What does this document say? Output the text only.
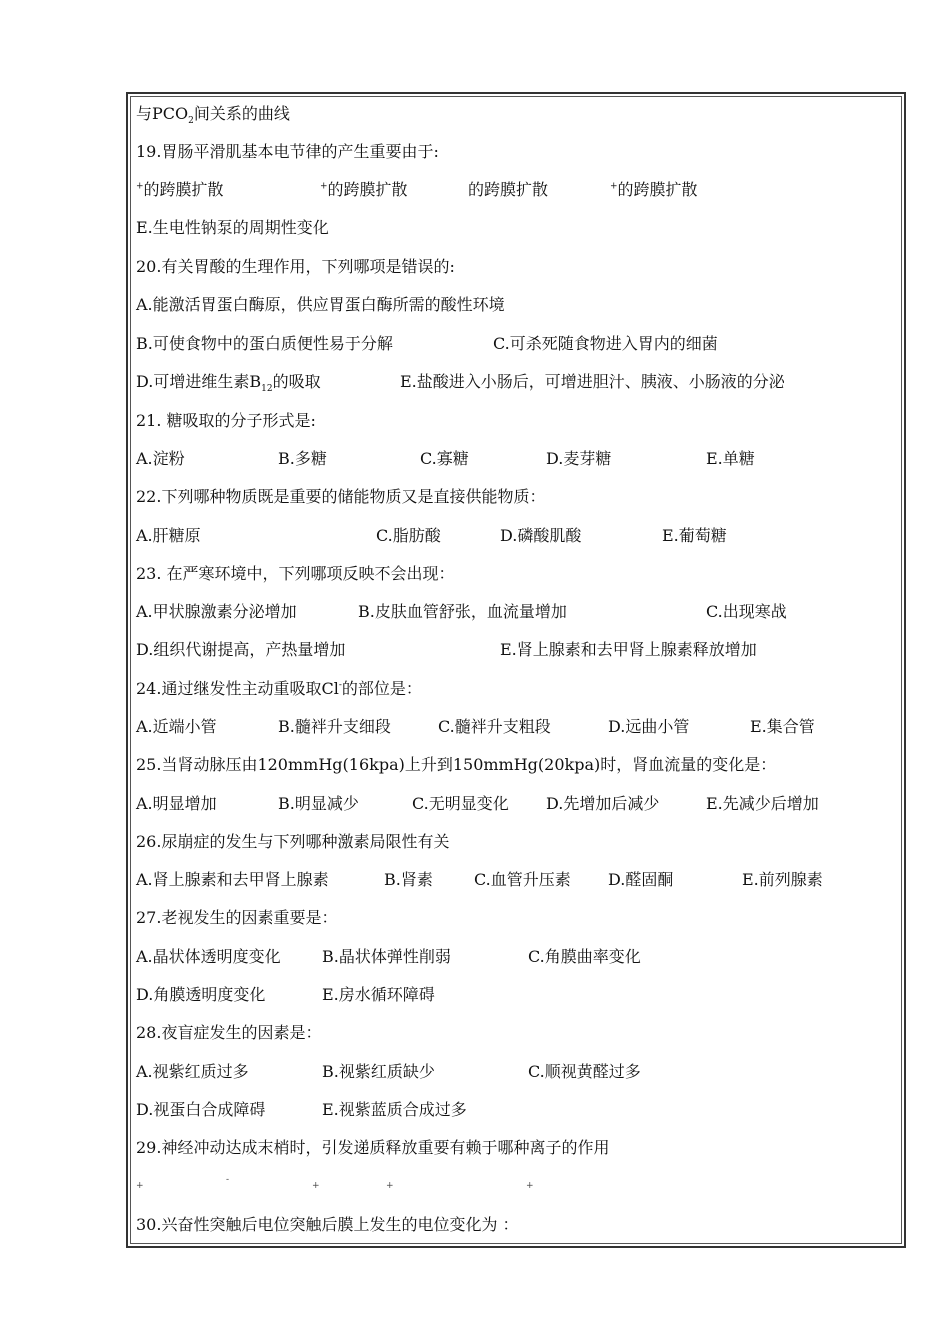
与$PCO_2$间关系的曲线
19.胃肠平滑肌基本电节律的产生重要由于:
+的跨膜扩散	+的跨膜扩散	的跨膜扩散	+的跨膜扩散
E.生电性钠泵的周期性变化
20.有关胃酸的生理作用，下列哪项是错误的:
A.能激活胃蛋白酶原，供应胃蛋白酶所需的酸性环境
B.可使食物中的蛋白质便性易于分解	C.可杀死随食物进入胃内的细菌
D.可增进维生素$B_{12}$的吸取	E.盐酸进入小肠后，可增进胆汁、胰液、小肠液的分泌
21. 糖吸取的分子形式是:
A.淀粉	B.多糖	C.寡糖	D.麦芽糖	E.单糖
22.下列哪种物质既是重要的储能物质又是直接供能物质：
A.肝糖原	C.脂肪酸	D.磷酸肌酸	E.葡萄糖
23. 在严寒环境中，下列哪项反映不会出现：
A.甲状腺激素分泌增加	B.皮肤血管舒张，血流量增加	C.出现寒战
D.组织代谢提高，产热量增加	E.肾上腺素和去甲肾上腺素释放增加
24.通过继发性主动重吸取Cl-的部位是：
A.近端小管	B.髓袢升支细段	C.髓袢升支粗段	D.远曲小管	E.集合管
25.当肾动脉压由120mmHg(16kpa)上升到150mmHg(20kpa)时，肾血流量的变化是：
A.明显增加	B.明显减少	C.无明显变化 D.先增加后减少	E.先减少后增加
26.尿崩症的发生与下列哪种激素局限性有关
A.肾上腺素和去甲肾上腺素	B.肾素	C.血管升压素 D.醛固酮	E.前列腺素
27.老视发生的因素重要是：
A.晶状体透明度变化	B.晶状体弹性削弱	C.角膜曲率变化
D.角膜透明度变化	E.房水循环障碍
28.夜盲症发生的因素是：
A.视紫红质过多	B.视紫红质缺少	C.顺视黄醛过多
D.视蛋白合成障碍	E.视紫蓝质合成过多
29.神经冲动达成末梢时，引发递质释放重要有赖于哪种离子的作用
+
-
+	+	+
30.兴奋性突触后电位突触后膜上发生的电位变化为 ：
